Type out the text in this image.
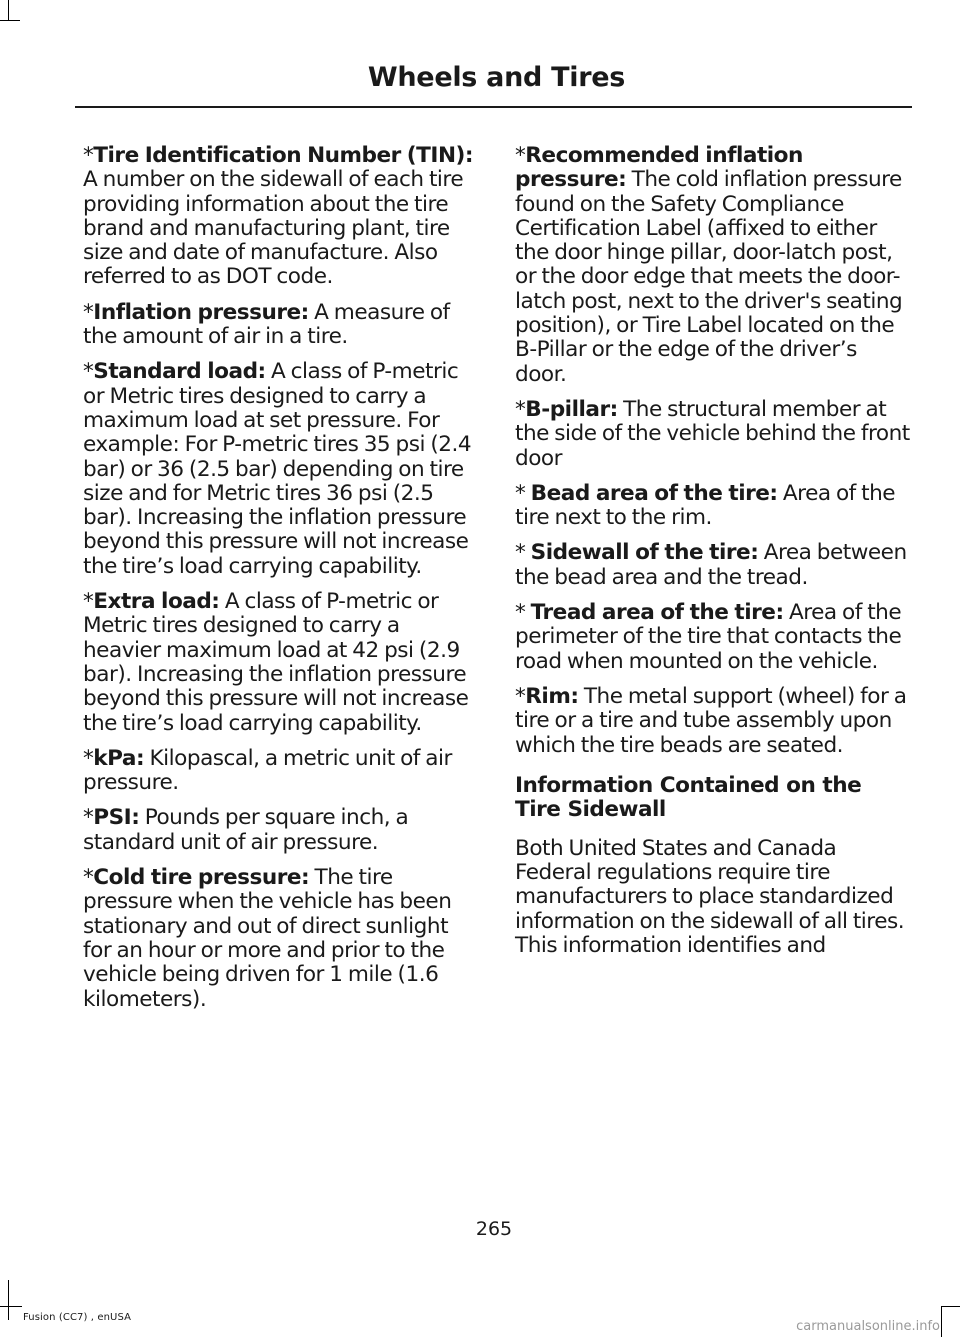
Wheels and Tires

*Tire Identification Number (TIN): A number on the sidewall of each tire providing information about the tire brand and manufacturing plant, tire size and date of manufacture. Also referred to as DOT code.

*Inflation pressure: A measure of the amount of air in a tire.

*Standard load: A class of P-metric or Metric tires designed to carry a maximum load at set pressure. For example: For P-metric tires 35 psi (2.4 bar) or 36 (2.5 bar) depending on tire size and for Metric tires 36 psi (2.5 bar). Increasing the inflation pressure beyond this pressure will not increase the tire’s load carrying capability.

*Extra load: A class of P-metric or Metric tires designed to carry a heavier maximum load at 42 psi (2.9 bar). Increasing the inflation pressure beyond this pressure will not increase the tire’s load carrying capability.

*kPa: Kilopascal, a metric unit of air pressure.

*PSI: Pounds per square inch, a standard unit of air pressure.

*Cold tire pressure: The tire pressure when the vehicle has been stationary and out of direct sunlight for an hour or more and prior to the vehicle being driven for 1 mile (1.6 kilometers).

*Recommended inflation pressure: The cold inflation pressure found on the Safety Compliance Certification Label (affixed to either the door hinge pillar, door-latch post, or the door edge that meets the door-latch post, next to the driver's seating position), or Tire Label located on the B-Pillar or the edge of the driver’s door.

*B-pillar: The structural member at the side of the vehicle behind the front door

* Bead area of the tire: Area of the tire next to the rim.

* Sidewall of the tire: Area between the bead area and the tread.

* Tread area of the tire: Area of the perimeter of the tire that contacts the road when mounted on the vehicle.

*Rim: The metal support (wheel) for a tire or a tire and tube assembly upon which the tire beads are seated.

Information Contained on the Tire Sidewall

Both United States and Canada Federal regulations require tire manufacturers to place standardized information on the sidewall of all tires. This information identifies and

265
Fusion (CC7) , enUSA
carmanualsonline.info
